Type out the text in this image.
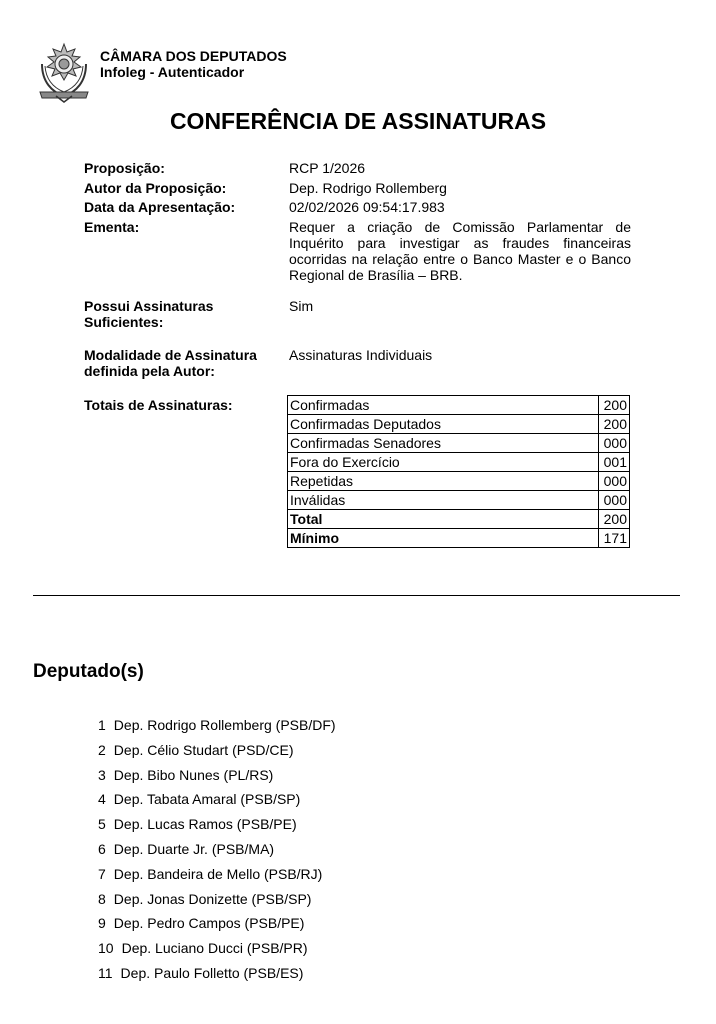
CÂMARA DOS DEPUTADOS
Infoleg - Autenticador
CONFERÊNCIA DE ASSINATURAS
Proposição:	RCP 1/2026
Autor da Proposição:	Dep. Rodrigo Rollemberg
Data da Apresentação:	02/02/2026 09:54:17.983
Ementa:	Requer a criação de Comissão Parlamentar de Inquérito para investigar as fraudes financeiras ocorridas na relação entre o Banco Master e o Banco Regional de Brasília – BRB.
Possui Assinaturas Suficientes:
Sim
Modalidade de Assinatura definida pela Autor:
Assinaturas Individuais
Totais de Assinaturas:	Confirmadas	200
Confirmadas Deputados	200
Confirmadas Senadores	000
Fora do Exercício	001
Repetidas	000
Inválidas	000
Total	200
Mínimo	171
Deputado(s)
1 Dep. Rodrigo Rollemberg (PSB/DF)
2 Dep. Célio Studart (PSD/CE)
3 Dep. Bibo Nunes (PL/RS)
4 Dep. Tabata Amaral (PSB/SP)
5 Dep. Lucas Ramos (PSB/PE)
6 Dep. Duarte Jr. (PSB/MA)
7 Dep. Bandeira de Mello (PSB/RJ)
8 Dep. Jonas Donizette (PSB/SP)
9 Dep. Pedro Campos (PSB/PE)
10 Dep. Luciano Ducci (PSB/PR)
11 Dep. Paulo Folletto (PSB/ES)
